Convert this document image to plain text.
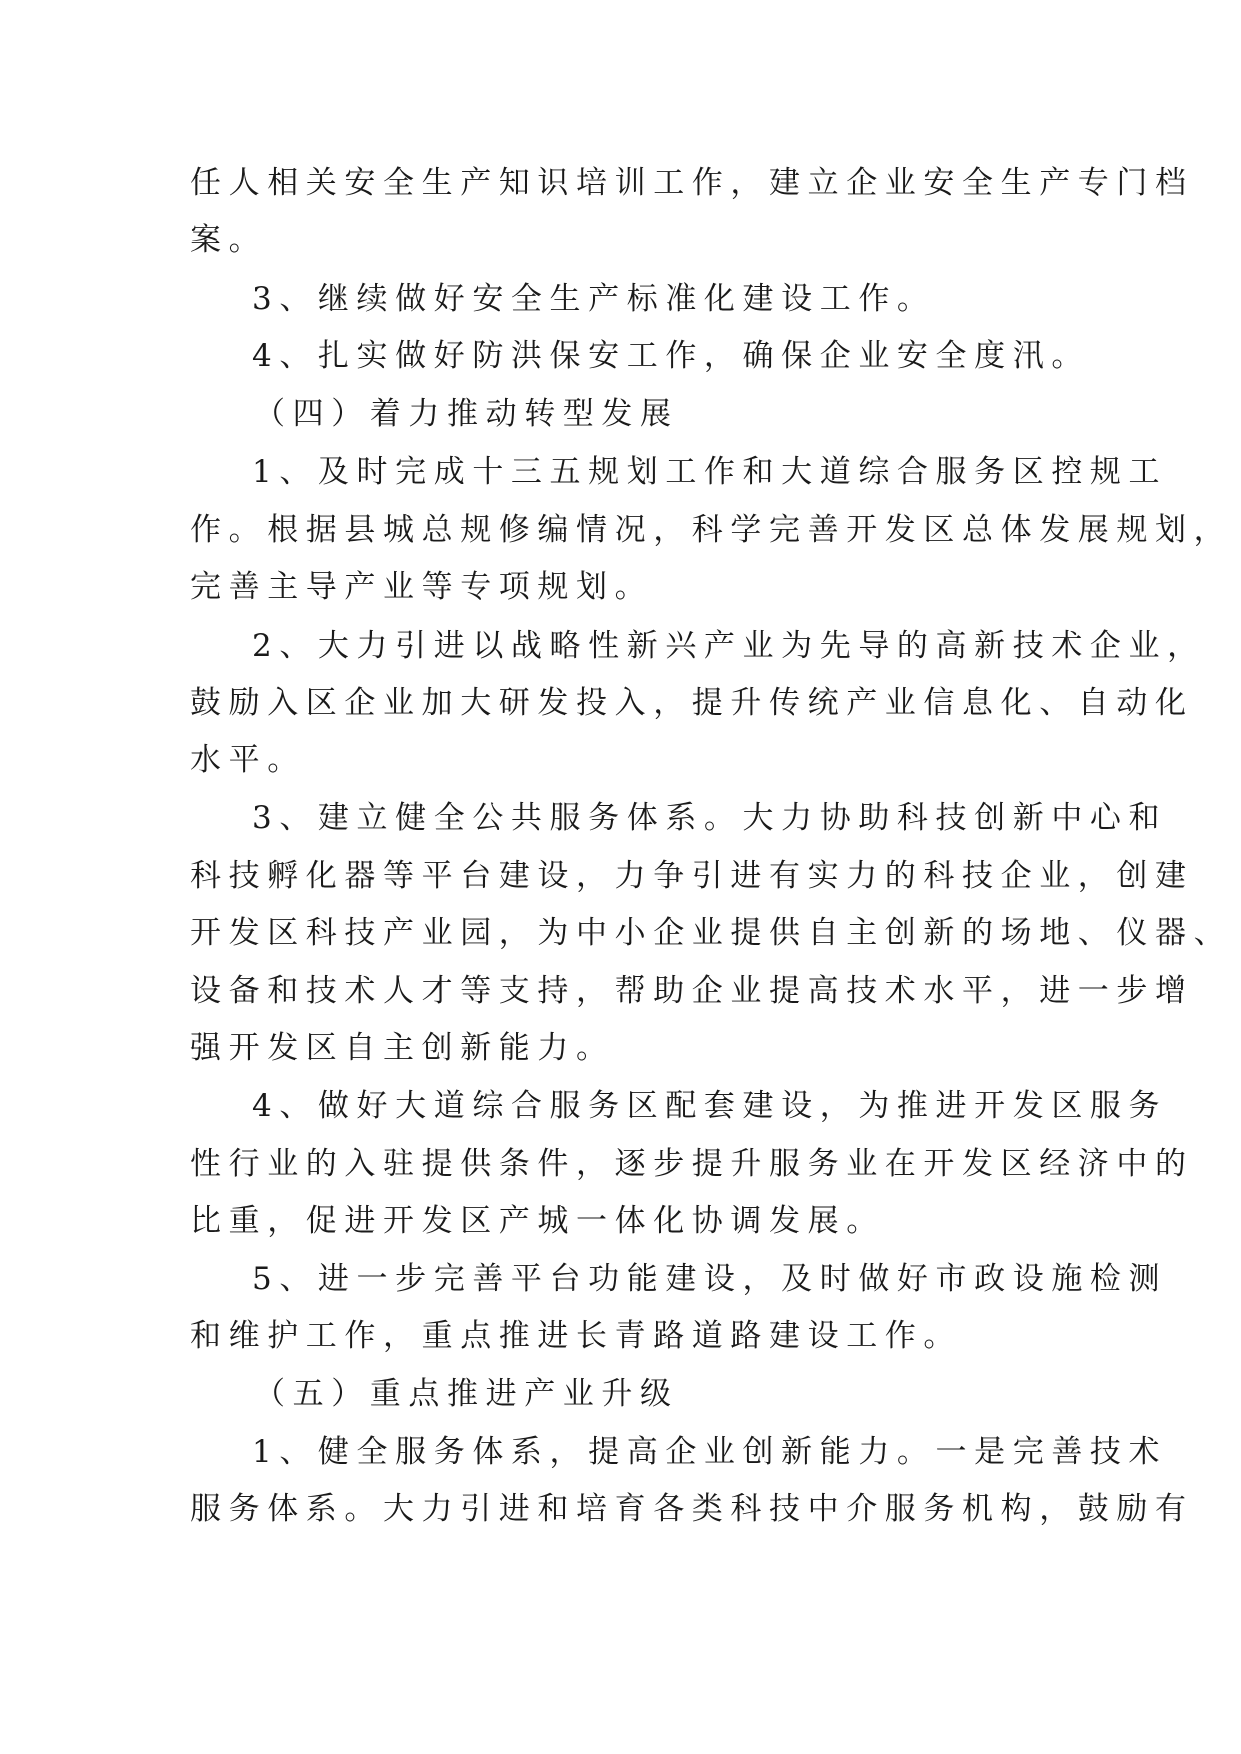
任人相关安全生产知识培训工作，建立企业安全生产专门档

案。

3、继续做好安全生产标准化建设工作。

4、扎实做好防洪保安工作，确保企业安全度汛。

（四）着力推动转型发展

1、及时完成十三五规划工作和大道综合服务区控规工

作。根据县城总规修编情况，科学完善开发区总体发展规划，

完善主导产业等专项规划。

2、大力引进以战略性新兴产业为先导的高新技术企业，

鼓励入区企业加大研发投入，提升传统产业信息化、自动化

水平。

3、建立健全公共服务体系。大力协助科技创新中心和

科技孵化器等平台建设，力争引进有实力的科技企业，创建

开发区科技产业园，为中小企业提供自主创新的场地、仪器、

设备和技术人才等支持，帮助企业提高技术水平，进一步增

强开发区自主创新能力。

4、做好大道综合服务区配套建设，为推进开发区服务

性行业的入驻提供条件，逐步提升服务业在开发区经济中的

比重，促进开发区产城一体化协调发展。

5、进一步完善平台功能建设，及时做好市政设施检测

和维护工作，重点推进长青路道路建设工作。

（五）重点推进产业升级

1、健全服务体系，提高企业创新能力。一是完善技术

服务体系。大力引进和培育各类科技中介服务机构，鼓励有
